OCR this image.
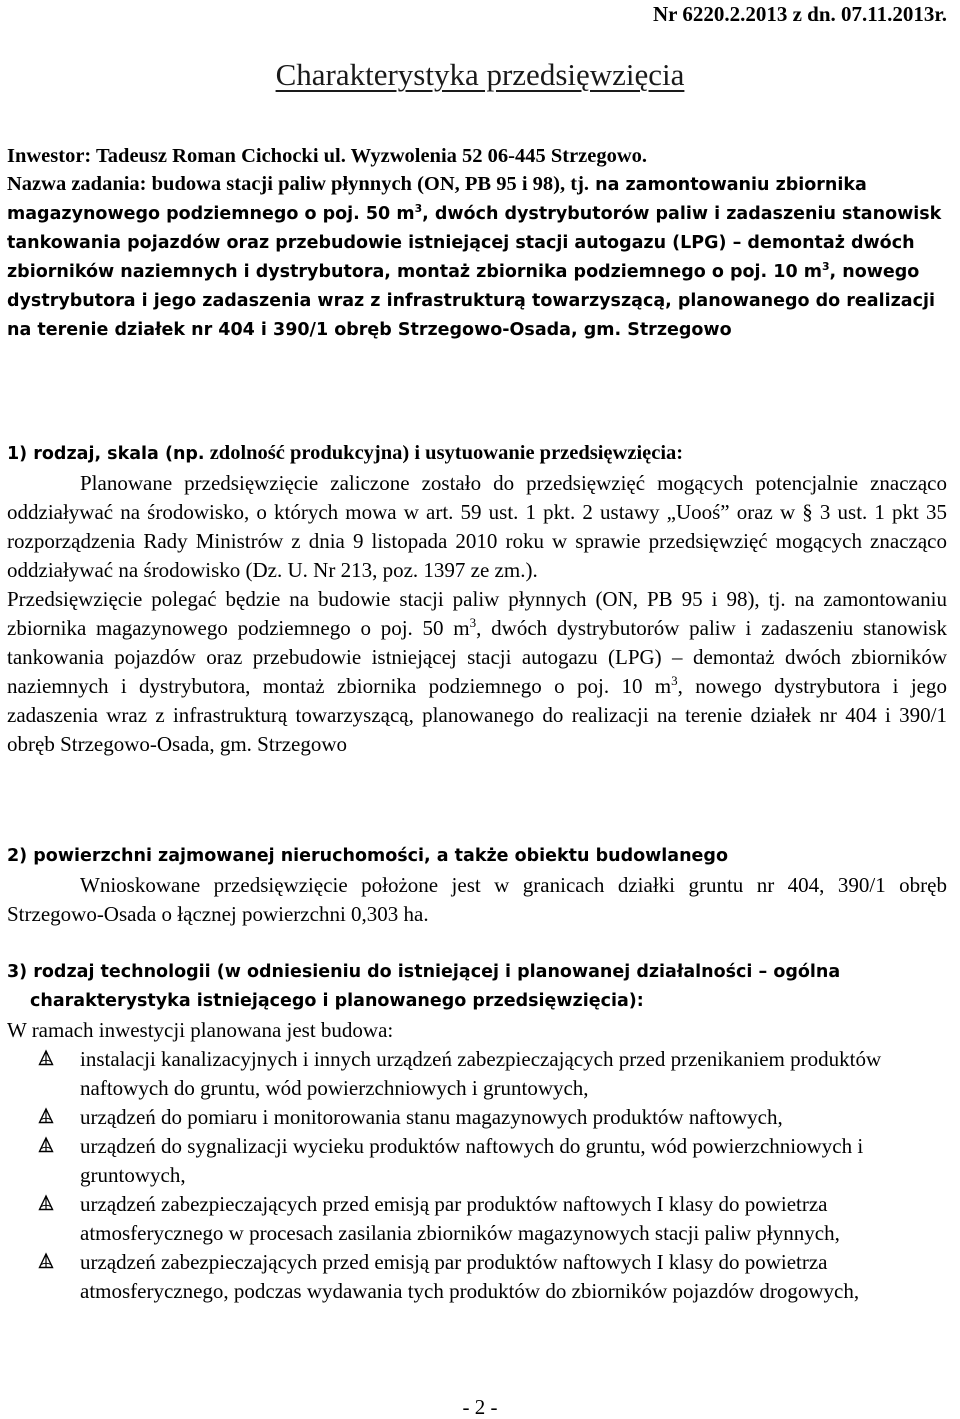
Nr 6220.2.2013 z dn. 07.11.2013r.
Charakterystyka przedsięwzięcia
Inwestor: Tadeusz Roman Cichocki ul. Wyzwolenia 52 06-445 Strzegowo.
Nazwa zadania: budowa stacji paliw płynnych (ON, PB 95 i 98), tj. na zamontowaniu zbiornika magazynowego podziemnego o poj. 50 $m^3$, dwóch dystrybutorów paliw i zadaszeniu stanowisk tankowania pojazdów oraz przebudowie istniejącej stacji autogazu (LPG) – demontaż dwóch zbiorników naziemnych i dystrybutora, montaż zbiornika podziemnego o poj. 10 $m^3$, nowego dystrybutora i jego zadaszenia wraz z infrastrukturą towarzyszącą, planowanego do realizacji na terenie działek nr 404 i 390/1 obręb Strzegowo-Osada, gm. Strzegowo

1) rodzaj, skala (np. zdolność produkcyjna) i usytuowanie przedsięwzięcia:

Planowane przedsięwzięcie zaliczone zostało do przedsięwzięć mogących potencjalnie znacząco oddziaływać na środowisko, o których mowa w art. 59 ust. 1 pkt. 2 ustawy „Uooś” oraz w § 3 ust. 1 pkt 35 rozporządzenia Rady Ministrów z dnia 9 listopada 2010 roku w sprawie przedsięwzięć mogących znacząco oddziaływać na środowisko (Dz. U. Nr 213, poz. 1397 ze zm.).

Przedsięwzięcie polegać będzie na budowie stacji paliw płynnych (ON, PB 95 i 98), tj. na zamontowaniu zbiornika magazynowego podziemnego o poj. 50 $m^3$, dwóch dystrybutorów paliw i zadaszeniu stanowisk tankowania pojazdów oraz przebudowie istniejącej stacji autogazu (LPG) – demontaż dwóch zbiorników naziemnych i dystrybutora, montaż zbiornika podziemnego o poj. 10 $m^3$, nowego dystrybutora i jego zadaszenia wraz z infrastrukturą towarzyszącą, planowanego do realizacji na terenie działek nr 404 i 390/1 obręb Strzegowo-Osada, gm. Strzegowo

2) powierzchni zajmowanej nieruchomości, a także obiektu budowlanego

Wnioskowane przedsięwzięcie położone jest w granicach działki gruntu nr 404, 390/1 obręb Strzegowo-Osada o łącznej powierzchni 0,303 ha.

3) rodzaj technologii (w odniesieniu do istniejącej i planowanej działalności – ogólna
charakterystyka istniejącego i planowanego przedsięwzięcia):

W ramach inwestycji planowana jest budowa:

instalacji kanalizacyjnych i innych urządzeń zabezpieczających przed przenikaniem produktów naftowych do gruntu, wód powierzchniowych i gruntowych,
urządzeń do pomiaru i monitorowania stanu magazynowych produktów naftowych,
urządzeń do sygnalizacji wycieku produktów naftowych do gruntu, wód powierzchniowych i gruntowych,
urządzeń zabezpieczających przed emisją par produktów naftowych I klasy do powietrza atmosferycznego w procesach zasilania zbiorników magazynowych stacji paliw płynnych,
urządzeń zabezpieczających przed emisją par produktów naftowych I klasy do powietrza atmosferycznego, podczas wydawania tych produktów do zbiorników pojazdów drogowych,
- 2 -
